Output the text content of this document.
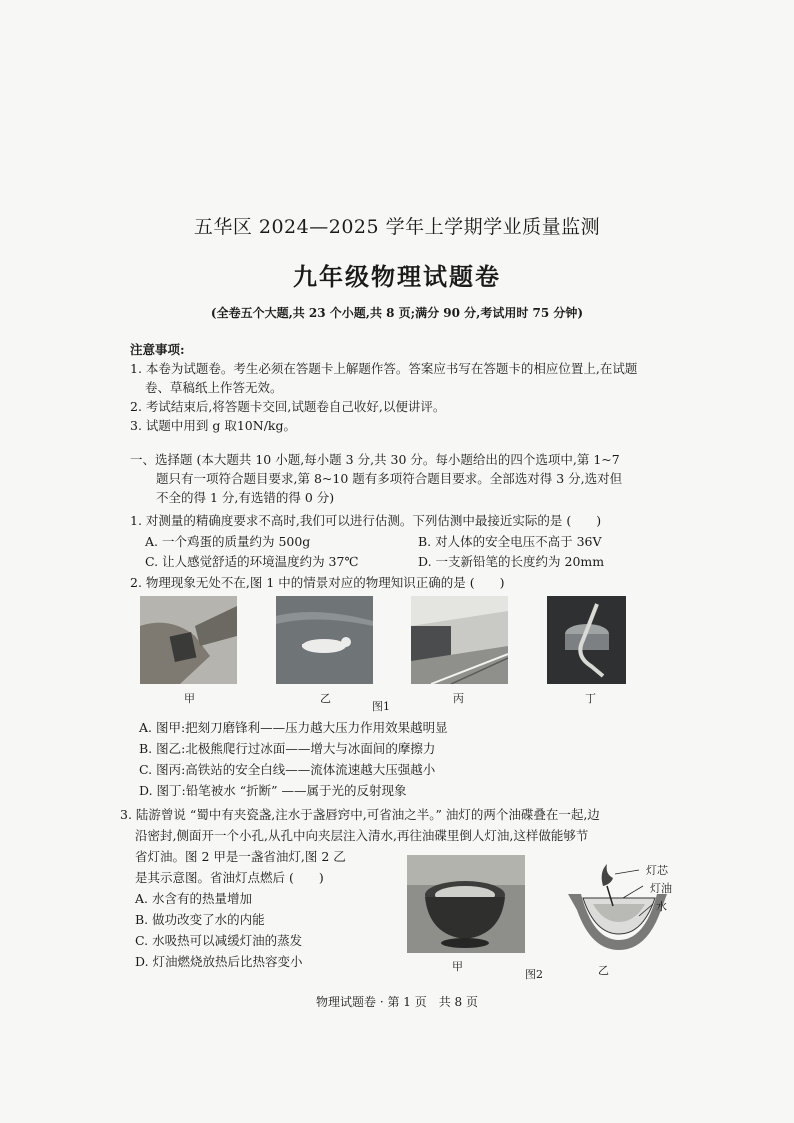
五华区 2024—2025 学年上学期学业质量监测
九年级物理试题卷
(全卷五个大题,共 23 个小题,共 8 页;满分 90 分,考试用时 75 分钟)
注意事项:
1. 本卷为试题卷。考生必须在答题卡上解题作答。答案应书写在答题卡的相应位置上,在试题
卷、草稿纸上作答无效。
2. 考试结束后,将答题卡交回,试题卷自己收好,以便讲评。
3. 试题中用到 g 取10N/kg。
一、选择题 (本大题共 10 小题,每小题 3 分,共 30 分。每小题给出的四个选项中,第 1~7
题只有一项符合题目要求,第 8~10 题有多项符合题目要求。全部选对得 3 分,选对但
不全的得 1 分,有选错的得 0 分)
1. 对测量的精确度要求不高时,我们可以进行估测。下列估测中最接近实际的是 (　　)
A. 一个鸡蛋的质量约为 500g	B. 对人体的安全电压不高于 36V
C. 让人感觉舒适的环境温度约为 37℃	D. 一支新铅笔的长度约为 20mm
2. 物理现象无处不在,图 1 中的情景对应的物理知识正确的是 (　　)
甲	乙	丙	丁
图1
A. 图甲:把刻刀磨锋利——压力越大压力作用效果越明显
B. 图乙:北极熊爬行过冰面——增大与冰面间的摩擦力
C. 图丙:高铁站的安全白线——流体流速越大压强越小
D. 图丁:铅笔被水 “折断” ——属于光的反射现象
3. 陆游曾说 “蜀中有夹瓷盏,注水于盏唇窍中,可省油之半。” 油灯的两个油碟叠在一起,边
沿密封,侧面开一个小孔,从孔中向夹层注入清水,再往油碟里倒人灯油,这样做能够节
省灯油。图 2 甲是一盏省油灯,图 2 乙
是其示意图。省油灯点燃后 (　　)
A. 水含有的热量增加
B. 做功改变了水的内能
C. 水吸热可以减缓灯油的蒸发
D. 灯油燃烧放热后比热容变小	甲
图2
灯芯
灯油
水
乙
物理试题卷 · 第 1 页　共 8 页
